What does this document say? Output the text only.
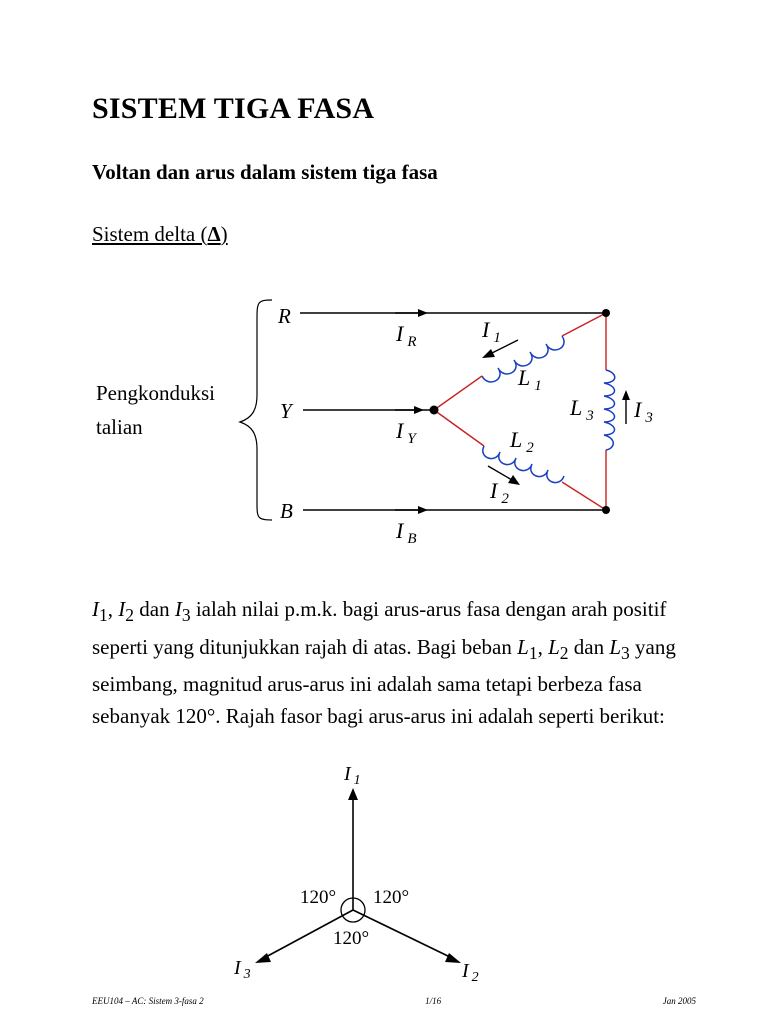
SISTEM TIGA FASA
Voltan dan arus dalam sistem tiga fasa
Sistem delta (Δ)
Pengkonduksi
talian
R
Y
B
I $_R$
I $_Y$
I $_B$
I $_1$
I $_2$
I $_3$
L $_1$
L $_2$
L $_3$

$I_1$, $I_2$ dan $I_3$ ialah nilai p.m.k. bagi arus-arus fasa dengan arah positif seperti yang ditunjukkan rajah di atas. Bagi beban $L_1$, $L_2$ dan $L_3$ yang seimbang, magnitud arus-arus ini adalah sama tetapi berbeza fasa sebanyak 120°. Rajah fasor bagi arus-arus ini adalah seperti berikut:

I $_1$
I $_2$
I $_3$
120° 120°
120°
EEU104 – AC: Sistem 3-fasa 2	1/16	Jan 2005
